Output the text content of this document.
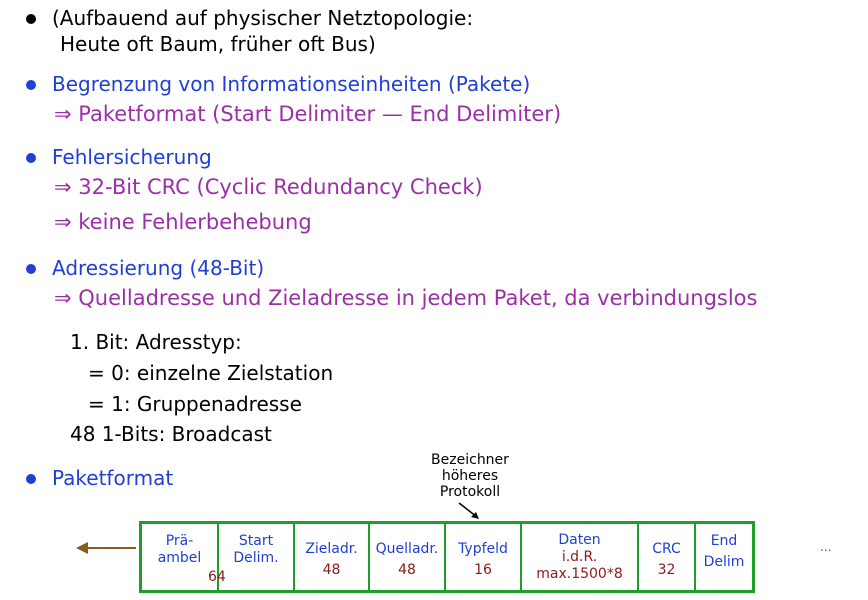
(Aufbauend auf physischer Netztopologie:
Heute oft Baum, früher oft Bus)
Begrenzung von Informationseinheiten (Pakete)
⇒ Paketformat (Start Delimiter — End Delimiter)
Fehlersicherung
⇒ 32-Bit CRC (Cyclic Redundancy Check)
⇒ keine Fehlerbehebung
Adressierung (48-Bit)
⇒ Quelladresse und Zieladresse in jedem Paket, da verbindungslos
1. Bit: Adresstyp:
= 0: einzelne Zielstation
= 1: Gruppenadresse
48 1-Bits: Broadcast
Paketformat
Bezeichner
höheres
Protokoll
Prä-
ambel
Start
Delim.
64
Zieladr.
48
Quelladr.
48
Typfeld
16
Daten
i.d.R.
max.1500*8
CRC
32
End
Delim
...
